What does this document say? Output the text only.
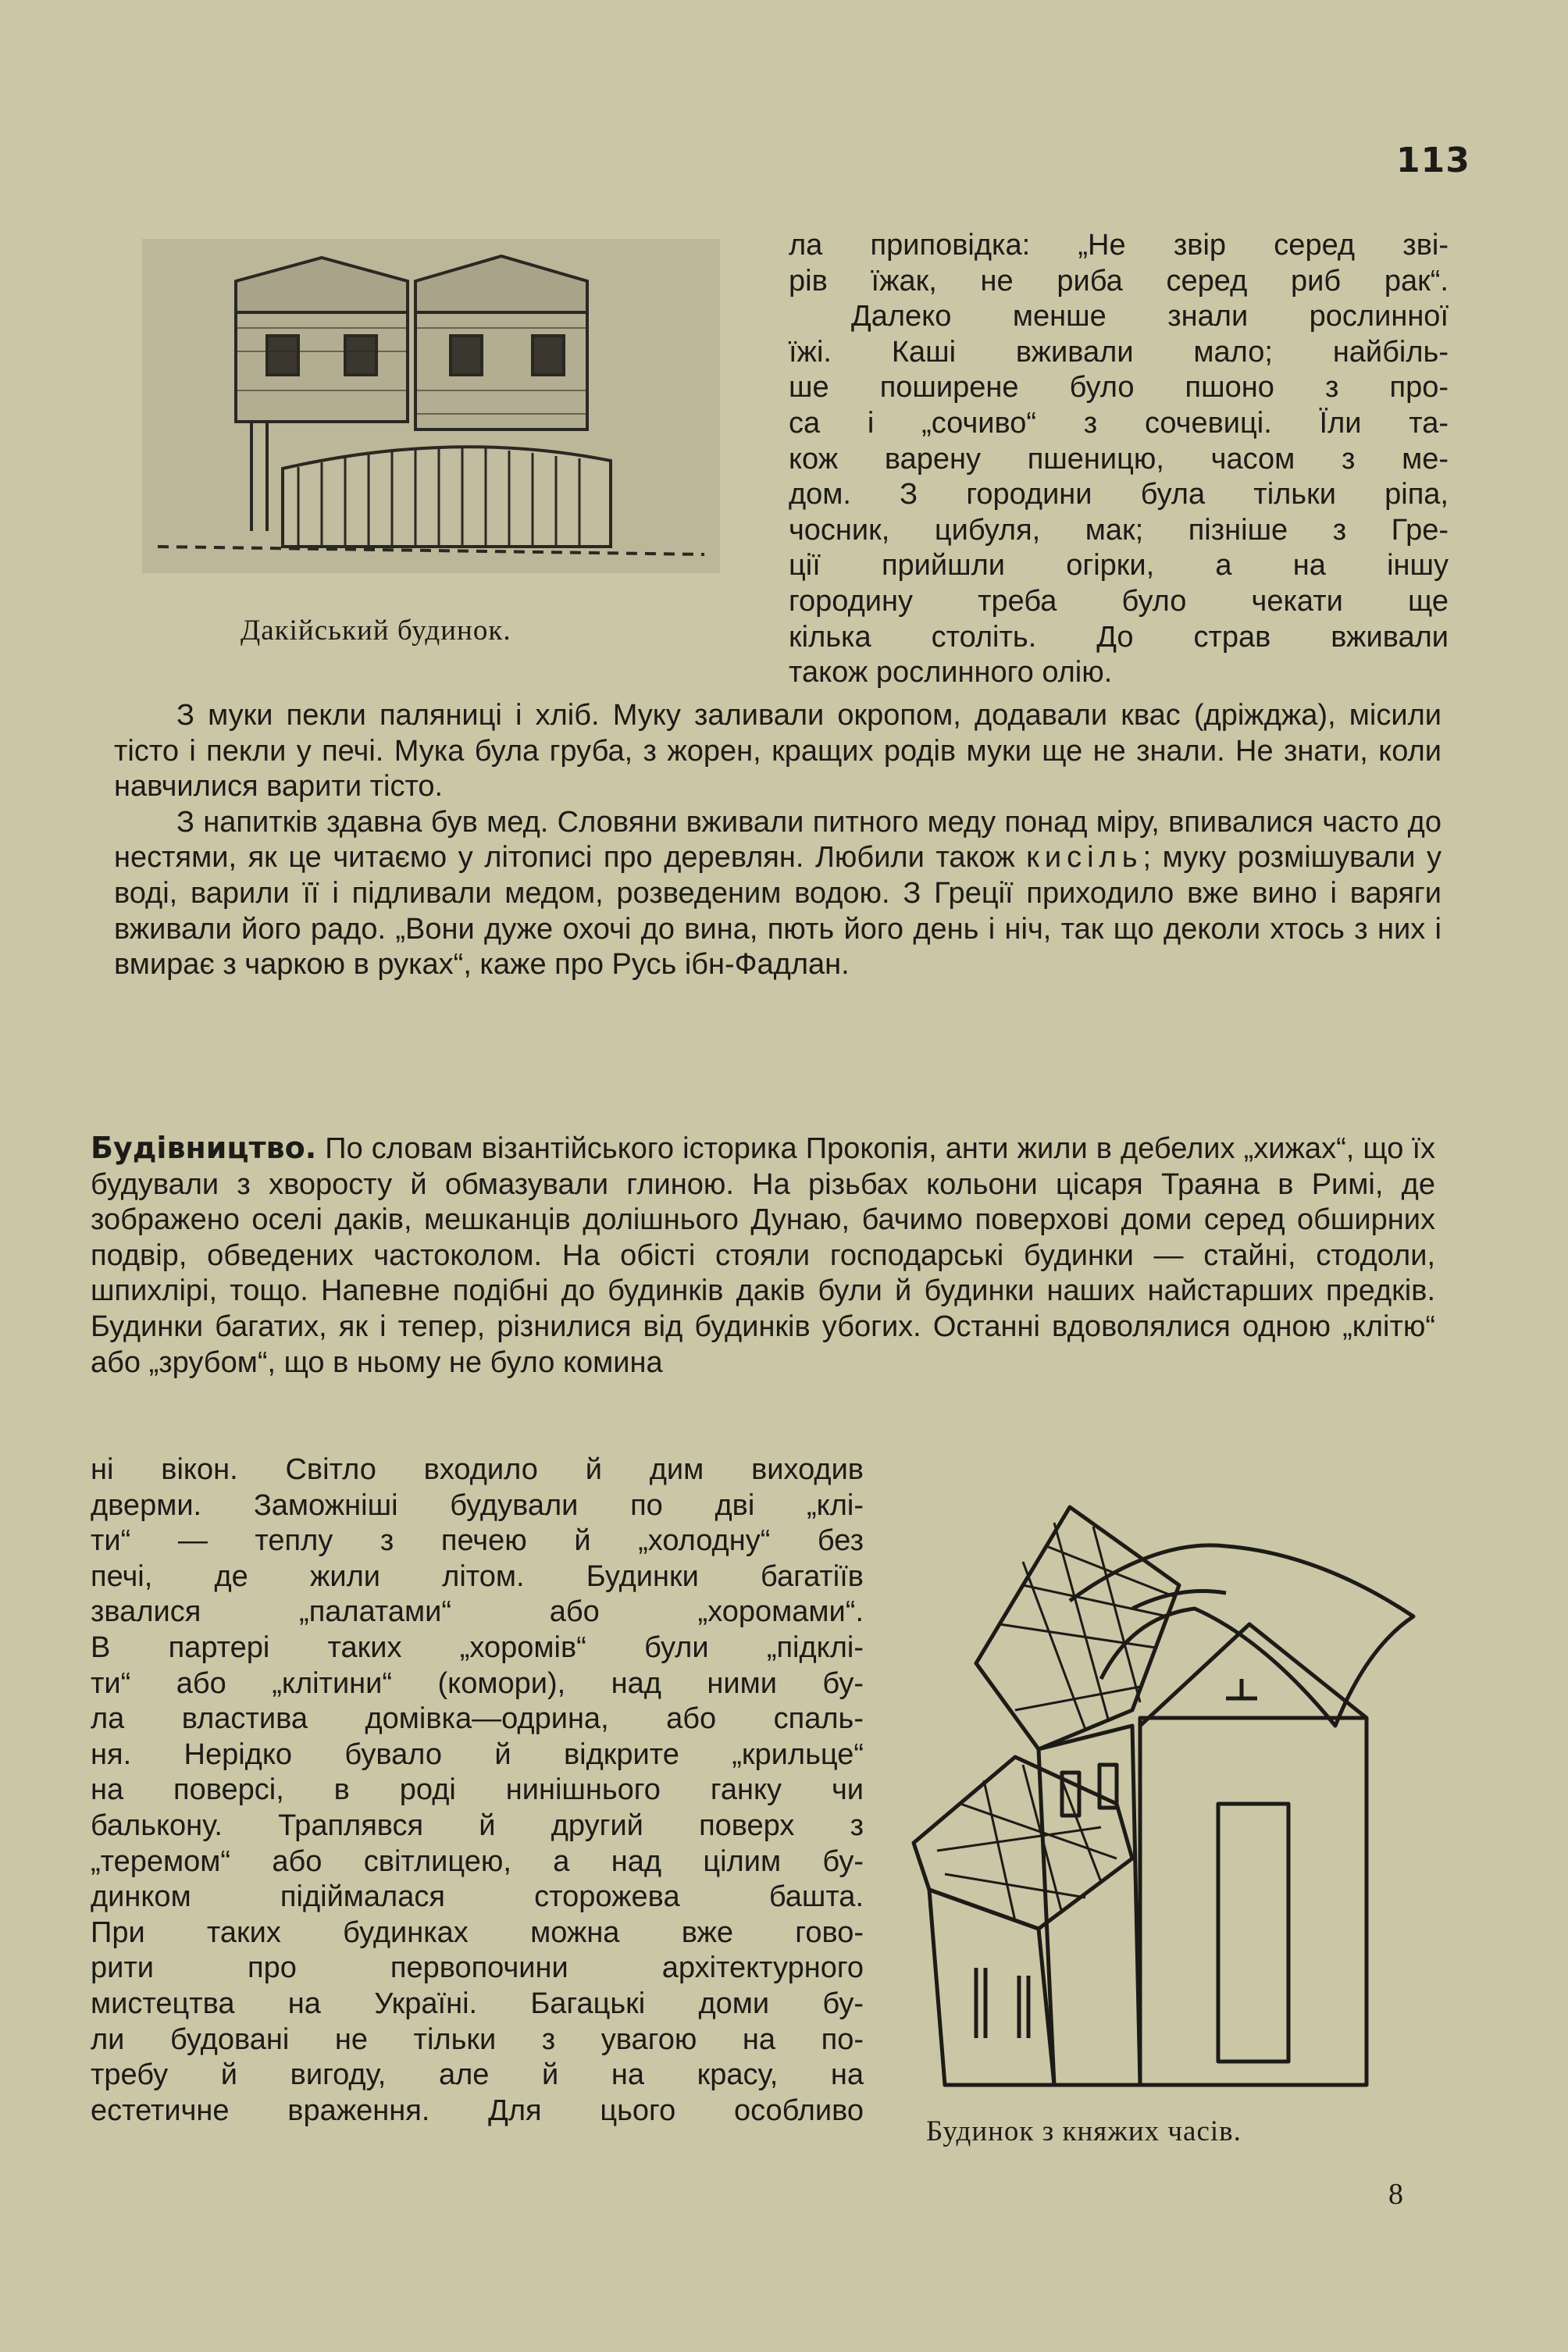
113
Дакійський будинок.
ла приповідка: „Не звір серед зві-
рів їжак, не риба серед риб рак“.
Далеко менше знали рослинної
їжі. Каші вживали мало; найбіль-
ше поширене було пшоно з про-
са і „сочиво“ з сочевиці. Їли та-
кож варену пшеницю, часом з ме-
дом. З городини була тільки ріпа,
чосник, цибуля, мак; пізніше з Гре-
ції прийшли огірки, а на іншу
городину треба було чекати ще
кілька століть. До страв вживали
також рослинного олію.

З муки пекли паляниці і хліб. Муку заливали окропом, додавали квас (дріжджа), місили тісто і пекли у печі. Мука була груба, з жорен, кращих родів муки ще не знали. Не знати, коли навчилися варити тісто.

З напитків здавна був мед. Словяни вживали питного меду понад міру, впивалися часто до нестями, як це читаємо у літописі про деревлян. Любили також кисіль; муку розмішували у воді, варили її і підливали медом, розведеним водою. З Греції приходило вже вино і варяги вживали його радо. „Вони дуже охочі до вина, пють його день і ніч, так що деколи хтось з них і вмирає з чаркою в руках“, каже про Русь ібн-Фадлан.

Будівництво. По словам візантійського історика Прокопія, анти жили в дебелих „хижах“, що їх будували з хворосту й обмазували глиною. На різьбах кольони цісаря Траяна в Римі, де зображено оселі даків, мешканців долішнього Дунаю, бачимо поверхові доми серед обширних подвір, обведених частоколом. На обісті стояли господарські будинки — стайні, стодоли, шпихлірі, тощо. Напевне подібні до будинків даків були й будинки наших найстарших предків. Будинки багатих, як і тепер, різнилися від будинків убогих. Останні вдоволялися одною „клітю“ або „зрубом“, що в ньому не було комина

ні вікон. Світло входило й дим виходив
дверми. Заможніші будували по дві „клі-
ти“ — теплу з печею й „холодну“ без
печі, де жили літом. Будинки багатіїв
звалися „палатами“ або „хоромами“.
В партері таких „хоромів“ були „підклі-
ти“ або „клітини“ (комори), над ними бу-
ла властива домівка—одрина, або спаль-
ня. Нерідко бувало й відкрите „крильце“
на поверсі, в роді нинішнього ганку чи
балькону. Траплявся й другий поверх з
„теремом“ або світлицею, а над цілим бу-
динком підіймалася сторожева башта.
При таких будинках можна вже гово-
рити про первопочини архітектурного
мистецтва на Україні. Багацькі доми бу-
ли будовані не тільки з увагою на по-
требу й вигоду, але й на красу, на
естетичне враження. Для цього особливо
Будинок з княжих часів.
8
